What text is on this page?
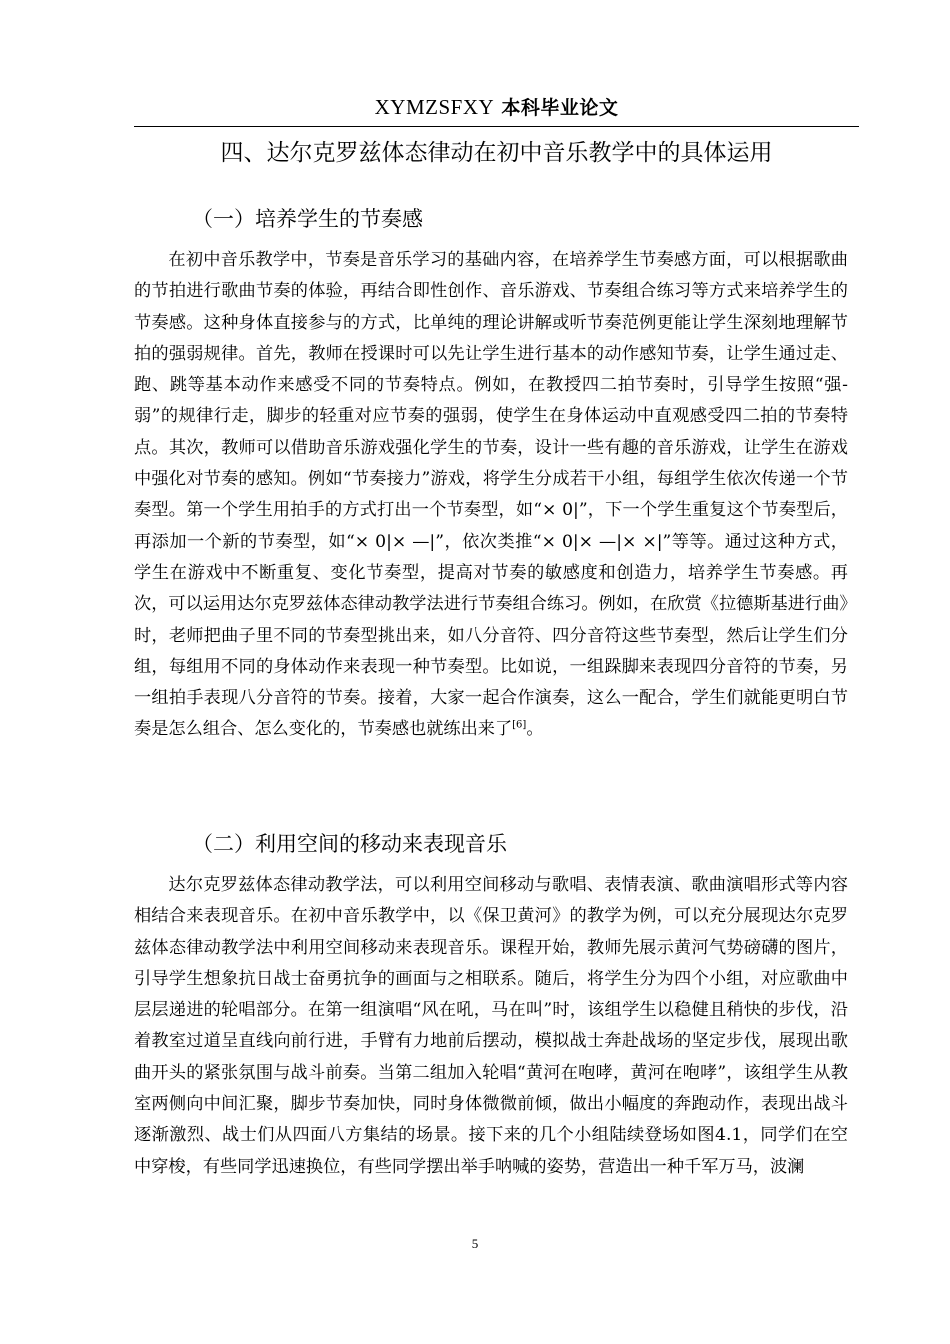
XYMZSFXY 本科毕业论文
四、达尔克罗兹体态律动在初中音乐教学中的具体运用
（一）培养学生的节奏感

在初中音乐教学中，节奏是音乐学习的基础内容，在培养学生节奏感方面，可以根据歌曲的节拍进行歌曲节奏的体验，再结合即性创作、音乐游戏、节奏组合练习等方式来培养学生的节奏感。这种身体直接参与的方式，比单纯的理论讲解或听节奏范例更能让学生深刻地理解节拍的强弱规律。首先，教师在授课时可以先让学生进行基本的动作感知节奏，让学生通过走、跑、跳等基本动作来感受不同的节奏特点。例如，在教授四二拍节奏时，引导学生按照“强-弱”的规律行走，脚步的轻重对应节奏的强弱，使学生在身体运动中直观感受四二拍的节奏特点。其次，教师可以借助音乐游戏强化学生的节奏，设计一些有趣的音乐游戏，让学生在游戏中强化对节奏的感知。例如“节奏接力”游戏，将学生分成若干小组，每组学生依次传递一个节奏型。第一个学生用拍手的方式打出一个节奏型，如“× 0|”，下一个学生重复这个节奏型后，再添加一个新的节奏型，如“× 0|× —|”，依次类推“× 0|× —|× ×|”等等。通过这种方式，学生在游戏中不断重复、变化节奏型，提高对节奏的敏感度和创造力，培养学生节奏感。再次，可以运用达尔克罗兹体态律动教学法进行节奏组合练习。例如，在欣赏《拉德斯基进行曲》时，老师把曲子里不同的节奏型挑出来，如八分音符、四分音符这些节奏型，然后让学生们分组，每组用不同的身体动作来表现一种节奏型。比如说，一组跺脚来表现四分音符的节奏，另一组拍手表现八分音符的节奏。接着，大家一起合作演奏，这么一配合，学生们就能更明白节奏是怎么组合、怎么变化的，节奏感也就练出来了[6]。

（二）利用空间的移动来表现音乐

达尔克罗兹体态律动教学法，可以利用空间移动与歌唱、表情表演、歌曲演唱形式等内容相结合来表现音乐。在初中音乐教学中，以《保卫黄河》的教学为例，可以充分展现达尔克罗兹体态律动教学法中利用空间移动来表现音乐。课程开始，教师先展示黄河气势磅礴的图片，引导学生想象抗日战士奋勇抗争的画面与之相联系。随后，将学生分为四个小组，对应歌曲中层层递进的轮唱部分。在第一组演唱“风在吼，马在叫”时，该组学生以稳健且稍快的步伐，沿着教室过道呈直线向前行进，手臂有力地前后摆动，模拟战士奔赴战场的坚定步伐，展现出歌曲开头的紧张氛围与战斗前奏。当第二组加入轮唱“黄河在咆哮，黄河在咆哮”，该组学生从教室两侧向中间汇聚，脚步节奏加快，同时身体微微前倾，做出小幅度的奔跑动作，表现出战斗逐渐激烈、战士们从四面八方集结的场景。接下来的几个小组陆续登场如图4.1，同学们在空中穿梭，有些同学迅速换位，有些同学摆出举手呐喊的姿势，营造出一种千军万马，波澜

5
